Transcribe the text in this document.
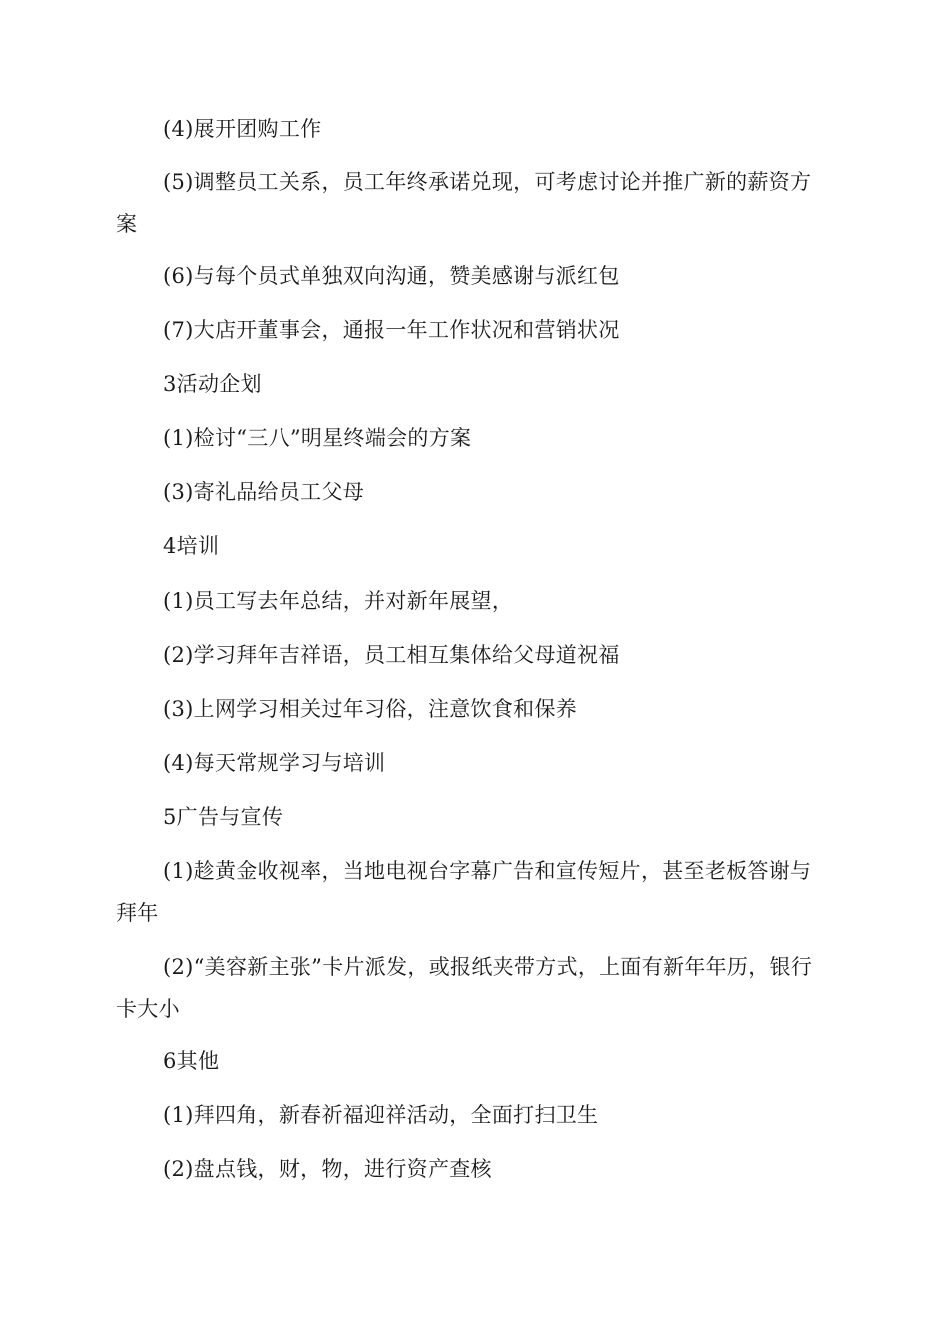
(4)展开团购工作

(5)调整员工关系，员工年终承诺兑现，可考虑讨论并推广新的薪资方案

(6)与每个员式单独双向沟通，赞美感谢与派红包

(7)大店开董事会，通报一年工作状况和营销状况

3活动企划

(1)检讨“三八”明星终端会的方案

(3)寄礼品给员工父母

4培训

(1)员工写去年总结，并对新年展望，

(2)学习拜年吉祥语，员工相互集体给父母道祝福

(3)上网学习相关过年习俗，注意饮食和保养

(4)每天常规学习与培训

5广告与宣传

(1)趁黄金收视率，当地电视台字幕广告和宣传短片，甚至老板答谢与拜年

(2)“美容新主张”卡片派发，或报纸夹带方式，上面有新年年历，银行卡大小

6其他

(1)拜四角，新春祈福迎祥活动，全面打扫卫生

(2)盘点钱，财，物，进行资产查核
